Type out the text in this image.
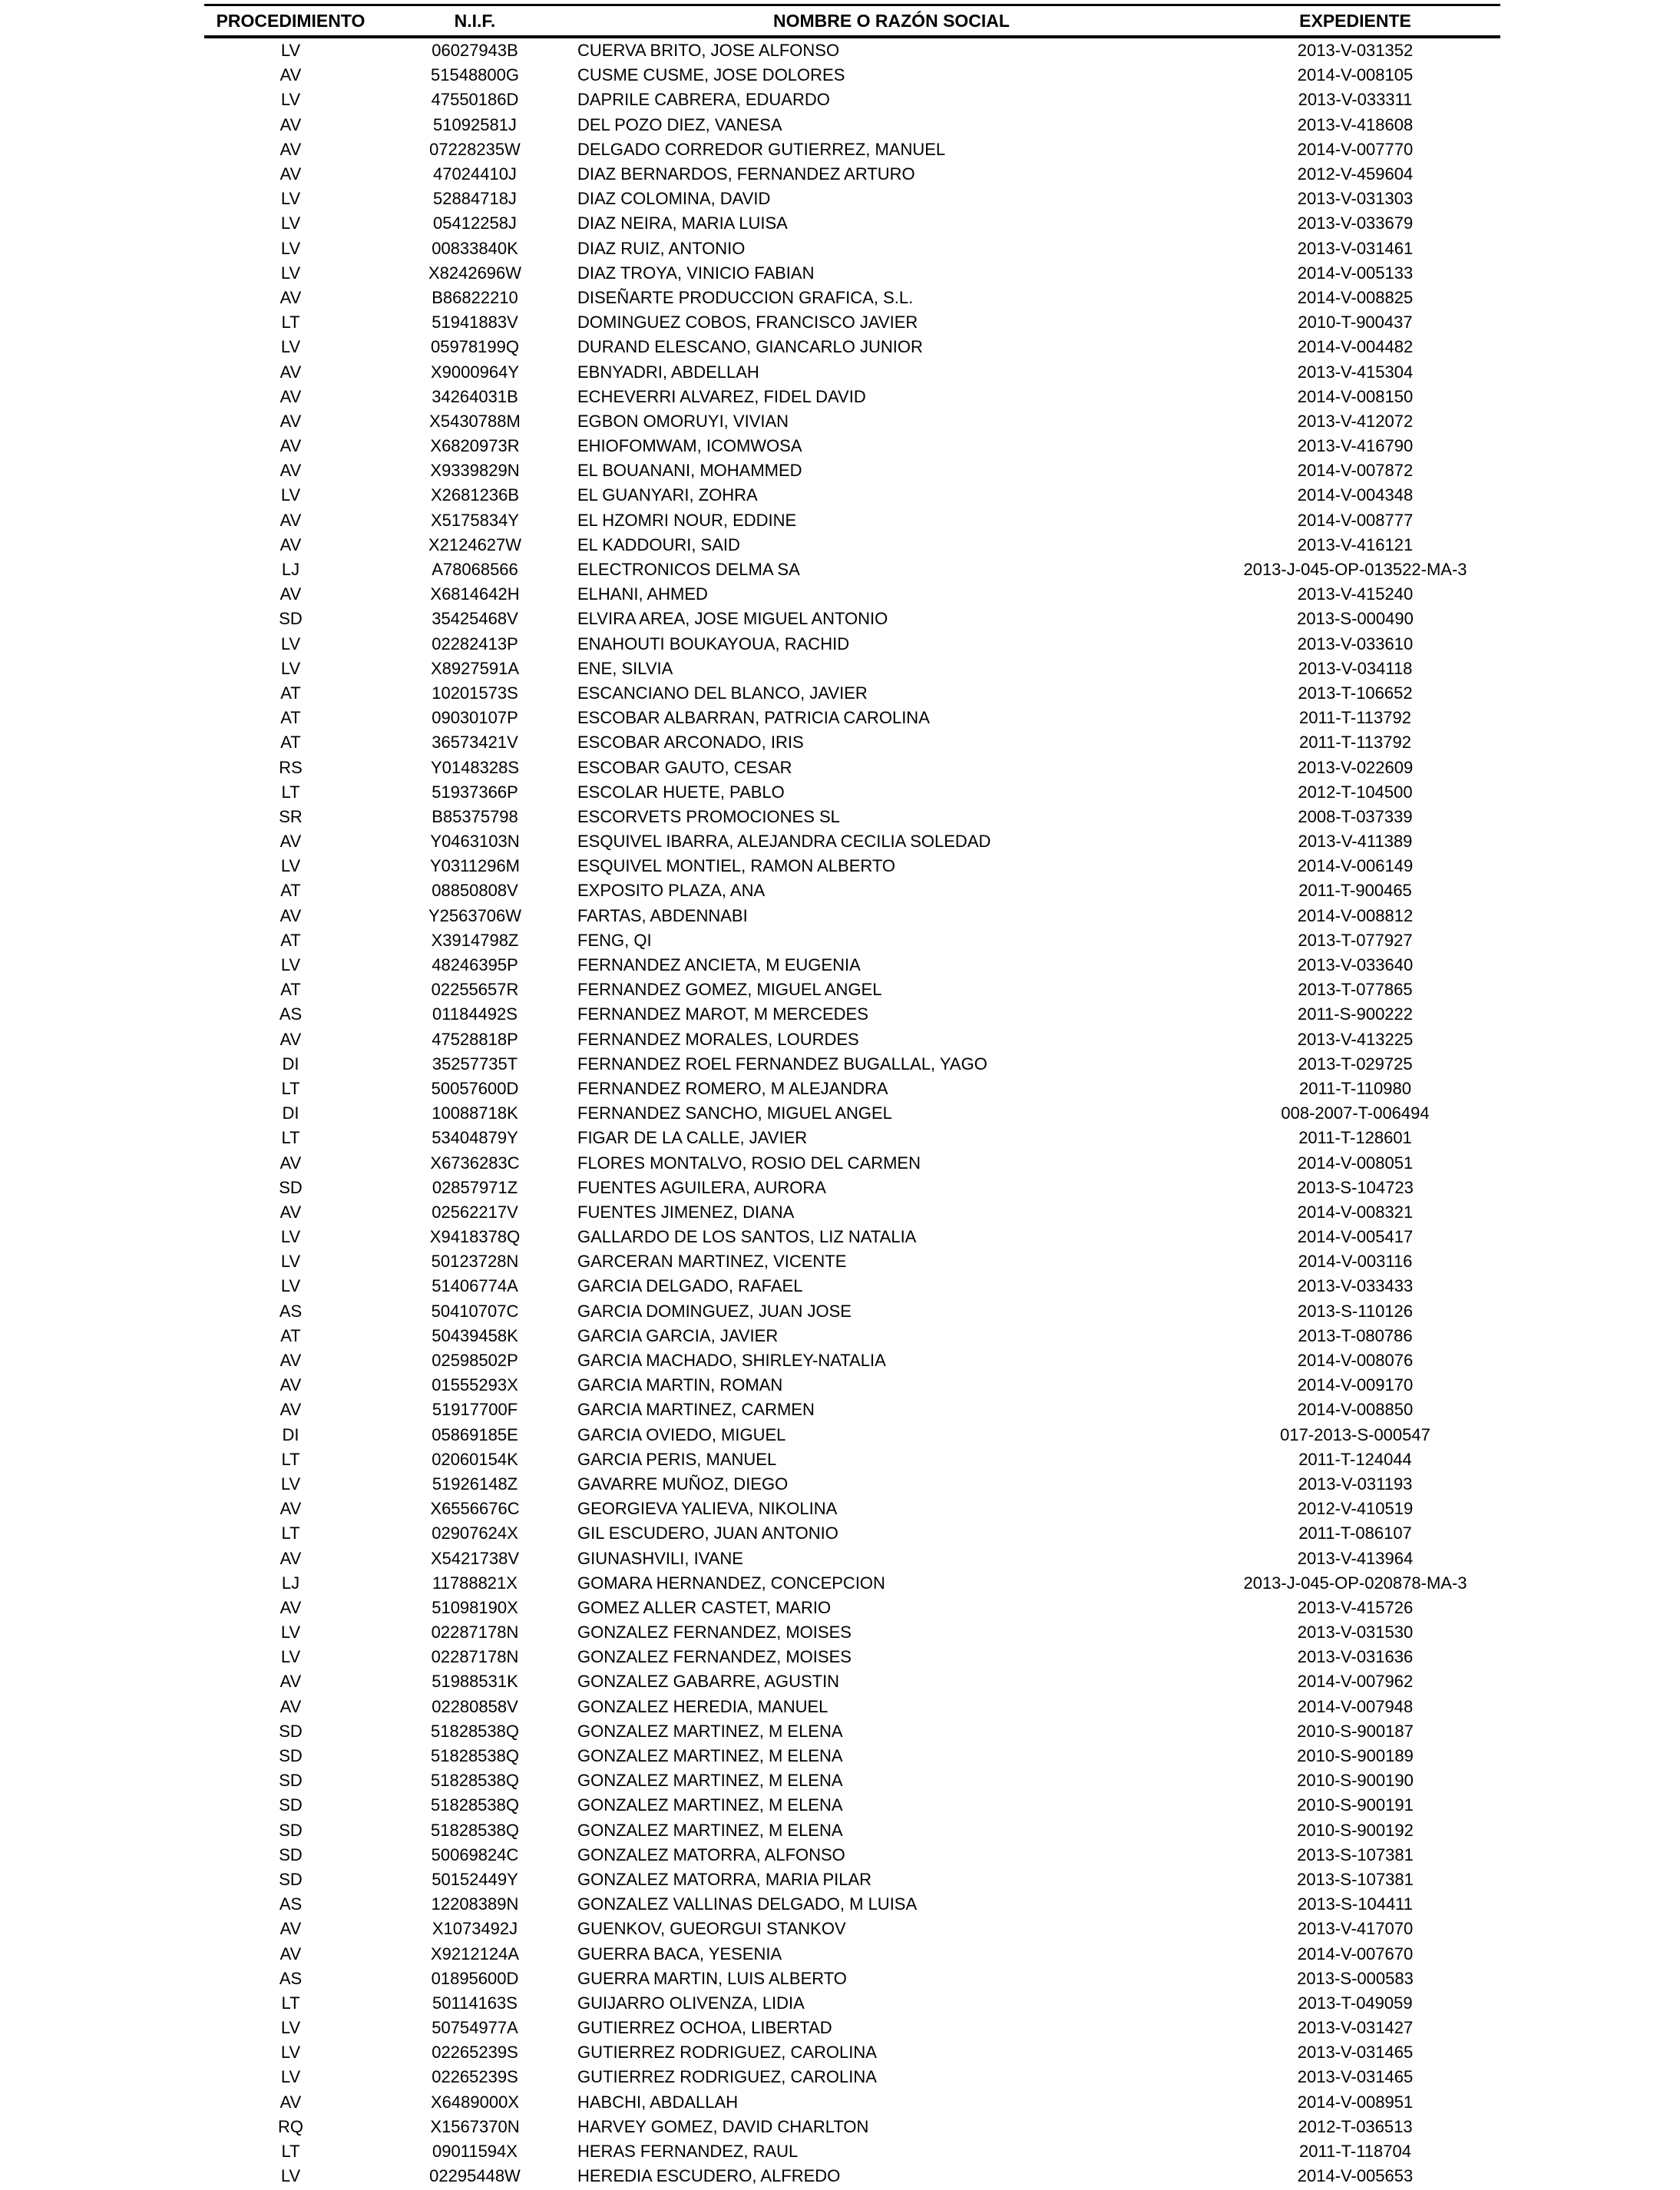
PROCEDIMIENTO	N.I.F.	NOMBRE O RAZÓN SOCIAL	EXPEDIENTE
LV	06027943B	CUERVA BRITO, JOSE ALFONSO	2013-V-031352
AV	51548800G	CUSME CUSME, JOSE DOLORES	2014-V-008105
LV	47550186D	DAPRILE CABRERA, EDUARDO	2013-V-033311
AV	51092581J	DEL POZO DIEZ, VANESA	2013-V-418608
AV	07228235W	DELGADO CORREDOR GUTIERREZ, MANUEL	2014-V-007770
AV	47024410J	DIAZ BERNARDOS, FERNANDEZ ARTURO	2012-V-459604
LV	52884718J	DIAZ COLOMINA, DAVID	2013-V-031303
LV	05412258J	DIAZ NEIRA, MARIA LUISA	2013-V-033679
LV	00833840K	DIAZ RUIZ, ANTONIO	2013-V-031461
LV	X8242696W	DIAZ TROYA, VINICIO FABIAN	2014-V-005133
AV	B86822210	DISEÑARTE PRODUCCION GRAFICA, S.L.	2014-V-008825
LT	51941883V	DOMINGUEZ COBOS, FRANCISCO JAVIER	2010-T-900437
LV	05978199Q	DURAND ELESCANO, GIANCARLO JUNIOR	2014-V-004482
AV	X9000964Y	EBNYADRI, ABDELLAH	2013-V-415304
AV	34264031B	ECHEVERRI ALVAREZ, FIDEL DAVID	2014-V-008150
AV	X5430788M	EGBON OMORUYI, VIVIAN	2013-V-412072
AV	X6820973R	EHIOFOMWAM, ICOMWOSA	2013-V-416790
AV	X9339829N	EL BOUANANI, MOHAMMED	2014-V-007872
LV	X2681236B	EL GUANYARI, ZOHRA	2014-V-004348
AV	X5175834Y	EL HZOMRI NOUR, EDDINE	2014-V-008777
AV	X2124627W	EL KADDOURI, SAID	2013-V-416121
LJ	A78068566	ELECTRONICOS DELMA SA	2013-J-045-OP-013522-MA-3
AV	X6814642H	ELHANI, AHMED	2013-V-415240
SD	35425468V	ELVIRA AREA, JOSE MIGUEL ANTONIO	2013-S-000490
LV	02282413P	ENAHOUTI BOUKAYOUA, RACHID	2013-V-033610
LV	X8927591A	ENE, SILVIA	2013-V-034118
AT	10201573S	ESCANCIANO DEL BLANCO, JAVIER	2013-T-106652
AT	09030107P	ESCOBAR ALBARRAN, PATRICIA CAROLINA	2011-T-113792
AT	36573421V	ESCOBAR ARCONADO, IRIS	2011-T-113792
RS	Y0148328S	ESCOBAR GAUTO, CESAR	2013-V-022609
LT	51937366P	ESCOLAR HUETE, PABLO	2012-T-104500
SR	B85375798	ESCORVETS PROMOCIONES SL	2008-T-037339
AV	Y0463103N	ESQUIVEL IBARRA, ALEJANDRA CECILIA SOLEDAD	2013-V-411389
LV	Y0311296M	ESQUIVEL MONTIEL, RAMON ALBERTO	2014-V-006149
AT	08850808V	EXPOSITO PLAZA, ANA	2011-T-900465
AV	Y2563706W	FARTAS, ABDENNABI	2014-V-008812
AT	X3914798Z	FENG, QI	2013-T-077927
LV	48246395P	FERNANDEZ ANCIETA, M EUGENIA	2013-V-033640
AT	02255657R	FERNANDEZ GOMEZ, MIGUEL ANGEL	2013-T-077865
AS	01184492S	FERNANDEZ MAROT, M MERCEDES	2011-S-900222
AV	47528818P	FERNANDEZ MORALES, LOURDES	2013-V-413225
DI	35257735T	FERNANDEZ ROEL FERNANDEZ BUGALLAL, YAGO	2013-T-029725
LT	50057600D	FERNANDEZ ROMERO, M ALEJANDRA	2011-T-110980
DI	10088718K	FERNANDEZ SANCHO, MIGUEL ANGEL	008-2007-T-006494
LT	53404879Y	FIGAR DE LA CALLE, JAVIER	2011-T-128601
AV	X6736283C	FLORES MONTALVO, ROSIO DEL CARMEN	2014-V-008051
SD	02857971Z	FUENTES AGUILERA, AURORA	2013-S-104723
AV	02562217V	FUENTES JIMENEZ, DIANA	2014-V-008321
LV	X9418378Q	GALLARDO DE LOS SANTOS, LIZ NATALIA	2014-V-005417
LV	50123728N	GARCERAN MARTINEZ, VICENTE	2014-V-003116
LV	51406774A	GARCIA DELGADO, RAFAEL	2013-V-033433
AS	50410707C	GARCIA DOMINGUEZ, JUAN JOSE	2013-S-110126
AT	50439458K	GARCIA GARCIA, JAVIER	2013-T-080786
AV	02598502P	GARCIA MACHADO, SHIRLEY-NATALIA	2014-V-008076
AV	01555293X	GARCIA MARTIN, ROMAN	2014-V-009170
AV	51917700F	GARCIA MARTINEZ, CARMEN	2014-V-008850
DI	05869185E	GARCIA OVIEDO, MIGUEL	017-2013-S-000547
LT	02060154K	GARCIA PERIS, MANUEL	2011-T-124044
LV	51926148Z	GAVARRE MUÑOZ, DIEGO	2013-V-031193
AV	X6556676C	GEORGIEVA YALIEVA, NIKOLINA	2012-V-410519
LT	02907624X	GIL ESCUDERO, JUAN ANTONIO	2011-T-086107
AV	X5421738V	GIUNASHVILI, IVANE	2013-V-413964
LJ	11788821X	GOMARA HERNANDEZ, CONCEPCION	2013-J-045-OP-020878-MA-3
AV	51098190X	GOMEZ ALLER CASTET, MARIO	2013-V-415726
LV	02287178N	GONZALEZ FERNANDEZ, MOISES	2013-V-031530
LV	02287178N	GONZALEZ FERNANDEZ, MOISES	2013-V-031636
AV	51988531K	GONZALEZ GABARRE, AGUSTIN	2014-V-007962
AV	02280858V	GONZALEZ HEREDIA, MANUEL	2014-V-007948
SD	51828538Q	GONZALEZ MARTINEZ, M ELENA	2010-S-900187
SD	51828538Q	GONZALEZ MARTINEZ, M ELENA	2010-S-900189
SD	51828538Q	GONZALEZ MARTINEZ, M ELENA	2010-S-900190
SD	51828538Q	GONZALEZ MARTINEZ, M ELENA	2010-S-900191
SD	51828538Q	GONZALEZ MARTINEZ, M ELENA	2010-S-900192
SD	50069824C	GONZALEZ MATORRA, ALFONSO	2013-S-107381
SD	50152449Y	GONZALEZ MATORRA, MARIA PILAR	2013-S-107381
AS	12208389N	GONZALEZ VALLINAS DELGADO, M LUISA	2013-S-104411
AV	X1073492J	GUENKOV, GUEORGUI STANKOV	2013-V-417070
AV	X9212124A	GUERRA BACA, YESENIA	2014-V-007670
AS	01895600D	GUERRA MARTIN, LUIS ALBERTO	2013-S-000583
LT	50114163S	GUIJARRO OLIVENZA, LIDIA	2013-T-049059
LV	50754977A	GUTIERREZ OCHOA, LIBERTAD	2013-V-031427
LV	02265239S	GUTIERREZ RODRIGUEZ, CAROLINA	2013-V-031465
LV	02265239S	GUTIERREZ RODRIGUEZ, CAROLINA	2013-V-031465
AV	X6489000X	HABCHI, ABDALLAH	2014-V-008951
RQ	X1567370N	HARVEY GOMEZ, DAVID CHARLTON	2012-T-036513
LT	09011594X	HERAS FERNANDEZ, RAUL	2011-T-118704
LV	02295448W	HEREDIA ESCUDERO, ALFREDO	2014-V-005653
